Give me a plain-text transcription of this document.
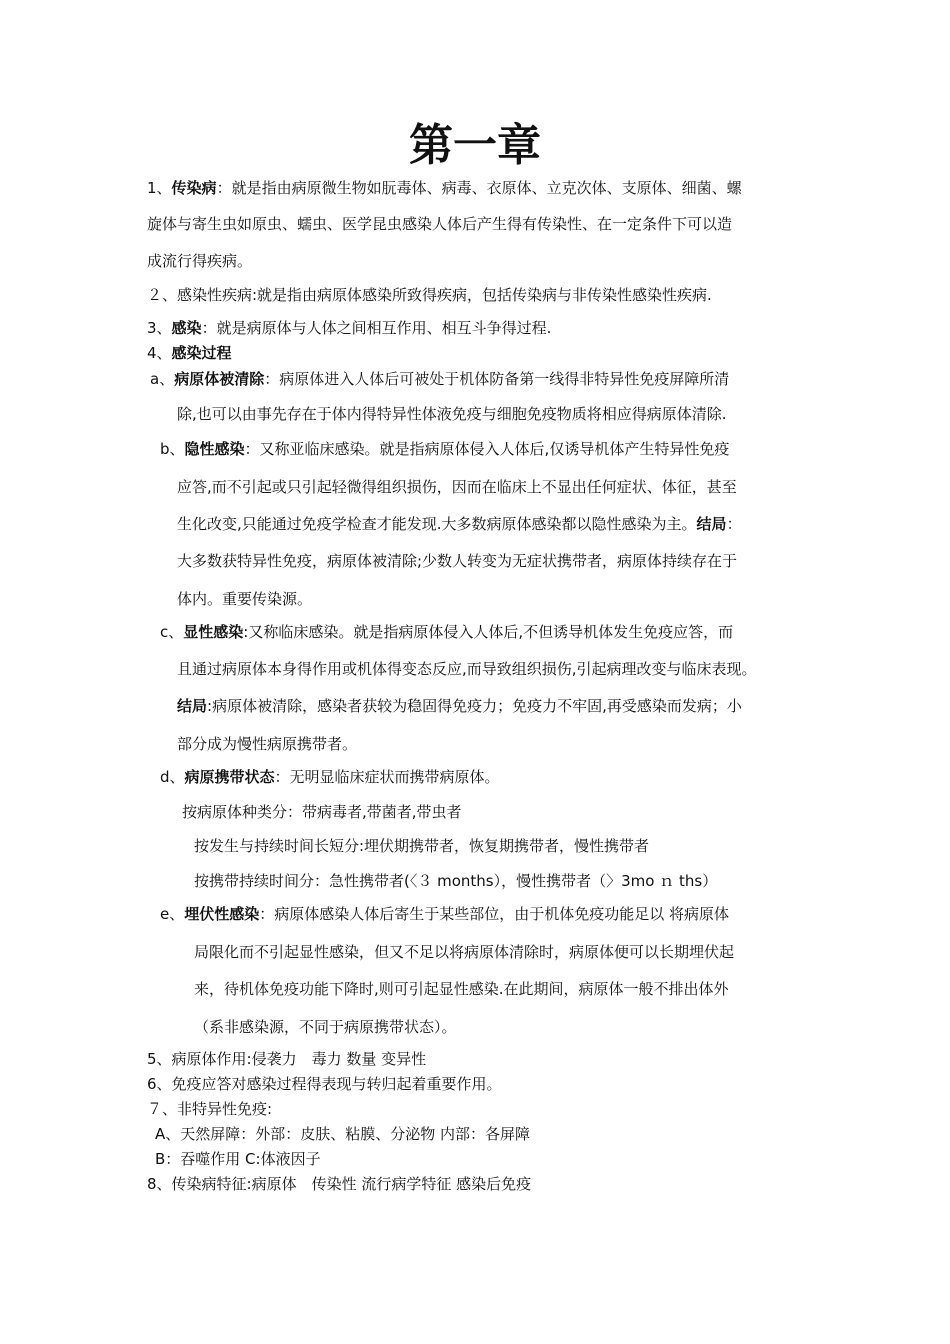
第一章
1、传染病：就是指由病原微生物如朊毒体、病毒、衣原体、立克次体、支原体、细菌、螺
旋体与寄生虫如原虫、蠕虫、医学昆虫感染人体后产生得有传染性、在一定条件下可以造
成流行得疾病。
２、感染性疾病:就是指由病原体感染所致得疾病，包括传染病与非传染性感染性疾病.
3、感染：就是病原体与人体之间相互作用、相互斗争得过程.
4、感染过程
a、病原体被清除：病原体进入人体后可被处于机体防备第一线得非特异性免疫屏障所清
除,也可以由事先存在于体内得特异性体液免疫与细胞免疫物质将相应得病原体清除.
b、隐性感染：又称亚临床感染。就是指病原体侵入人体后,仅诱导机体产生特异性免疫
应答,而不引起或只引起轻微得组织损伤，因而在临床上不显出任何症状、体征，甚至
生化改变,只能通过免疫学检查才能发现.大多数病原体感染都以隐性感染为主。结局：
大多数获特异性免疫，病原体被清除;少数人转变为无症状携带者，病原体持续存在于
体内。重要传染源。
c、显性感染:又称临床感染。就是指病原体侵入人体后,不但诱导机体发生免疫应答，而
且通过病原体本身得作用或机体得变态反应,而导致组织损伤,引起病理改变与临床表现。
结局:病原体被清除，感染者获较为稳固得免疫力；免疫力不牢固,再受感染而发病；小
部分成为慢性病原携带者。
d、病原携带状态：无明显临床症状而携带病原体。
按病原体种类分：带病毒者,带菌者,带虫者
按发生与持续时间长短分:埋伏期携带者，恢复期携带者，慢性携带者
按携带持续时间分：急性携带者(〈３ months），慢性携带者（〉3mo ｎ ths）
e、埋伏性感染：病原体感染人体后寄生于某些部位，由于机体免疫功能足以 将病原体
局限化而不引起显性感染，但又不足以将病原体清除时，病原体便可以长期埋伏起
来，待机体免疫功能下降时,则可引起显性感染.在此期间，病原体一般不排出体外
（系非感染源，不同于病原携带状态）。
5、病原体作用:侵袭力　毒力 数量 变异性
6、免疫应答对感染过程得表现与转归起着重要作用。
７、非特异性免疫:
A、天然屏障：外部：皮肤、粘膜、分泌物 内部：各屏障
B：吞噬作用 C:体液因子
8、传染病特征:病原体　传染性 流行病学特征 感染后免疫
